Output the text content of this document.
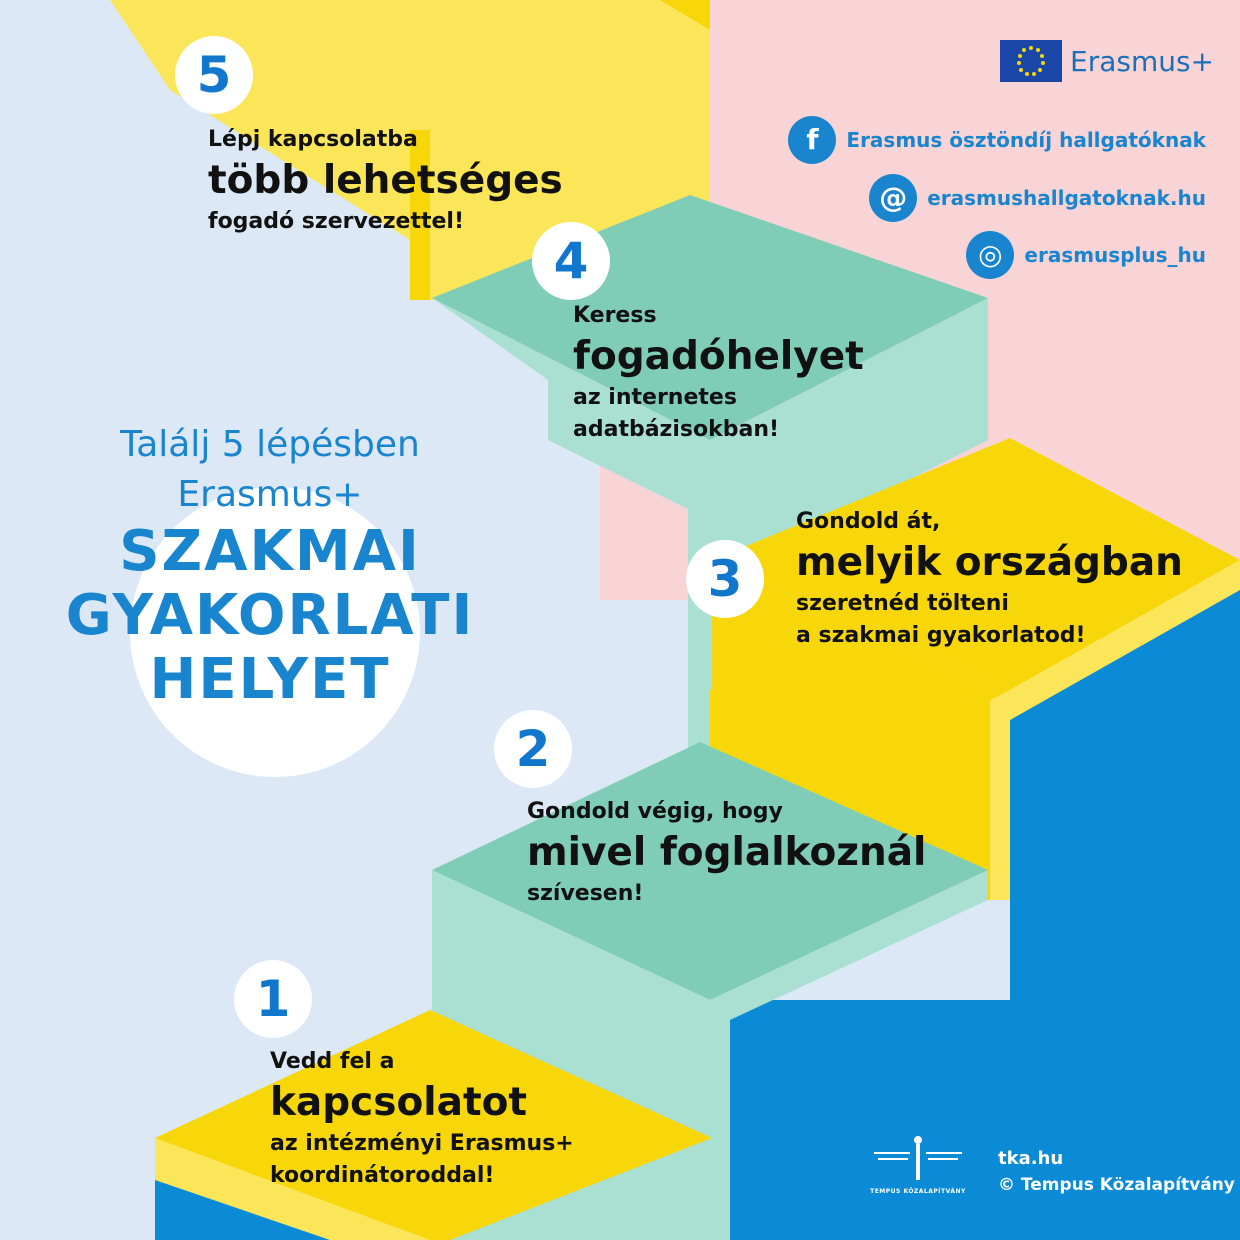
Találj 5 lépésben
Erasmus+
SZAKMAI
GYAKORLATI
HELYET
Erasmus+
f	Erasmus ösztöndíj hallgatóknak
@	erasmushallgatoknak.hu
◎	erasmusplus_hu
5
4
3
2
1
Lépj kapcsolatba
több lehetséges
fogadó szervezettel!
Keress
fogadóhelyet
az internetes
adatbázisokban!
Gondold át,
melyik országban
szeretnéd tölteni
a szakmai gyakorlatod!
Gondold végig, hogy
mivel foglalkoznál
szívesen!
Vedd fel a
kapcsolatot
az intézményi Erasmus+
koordinátoroddal!
TEMPUS KÖZALAPÍTVÁNY
tka.hu
© Tempus Közalapítvány
